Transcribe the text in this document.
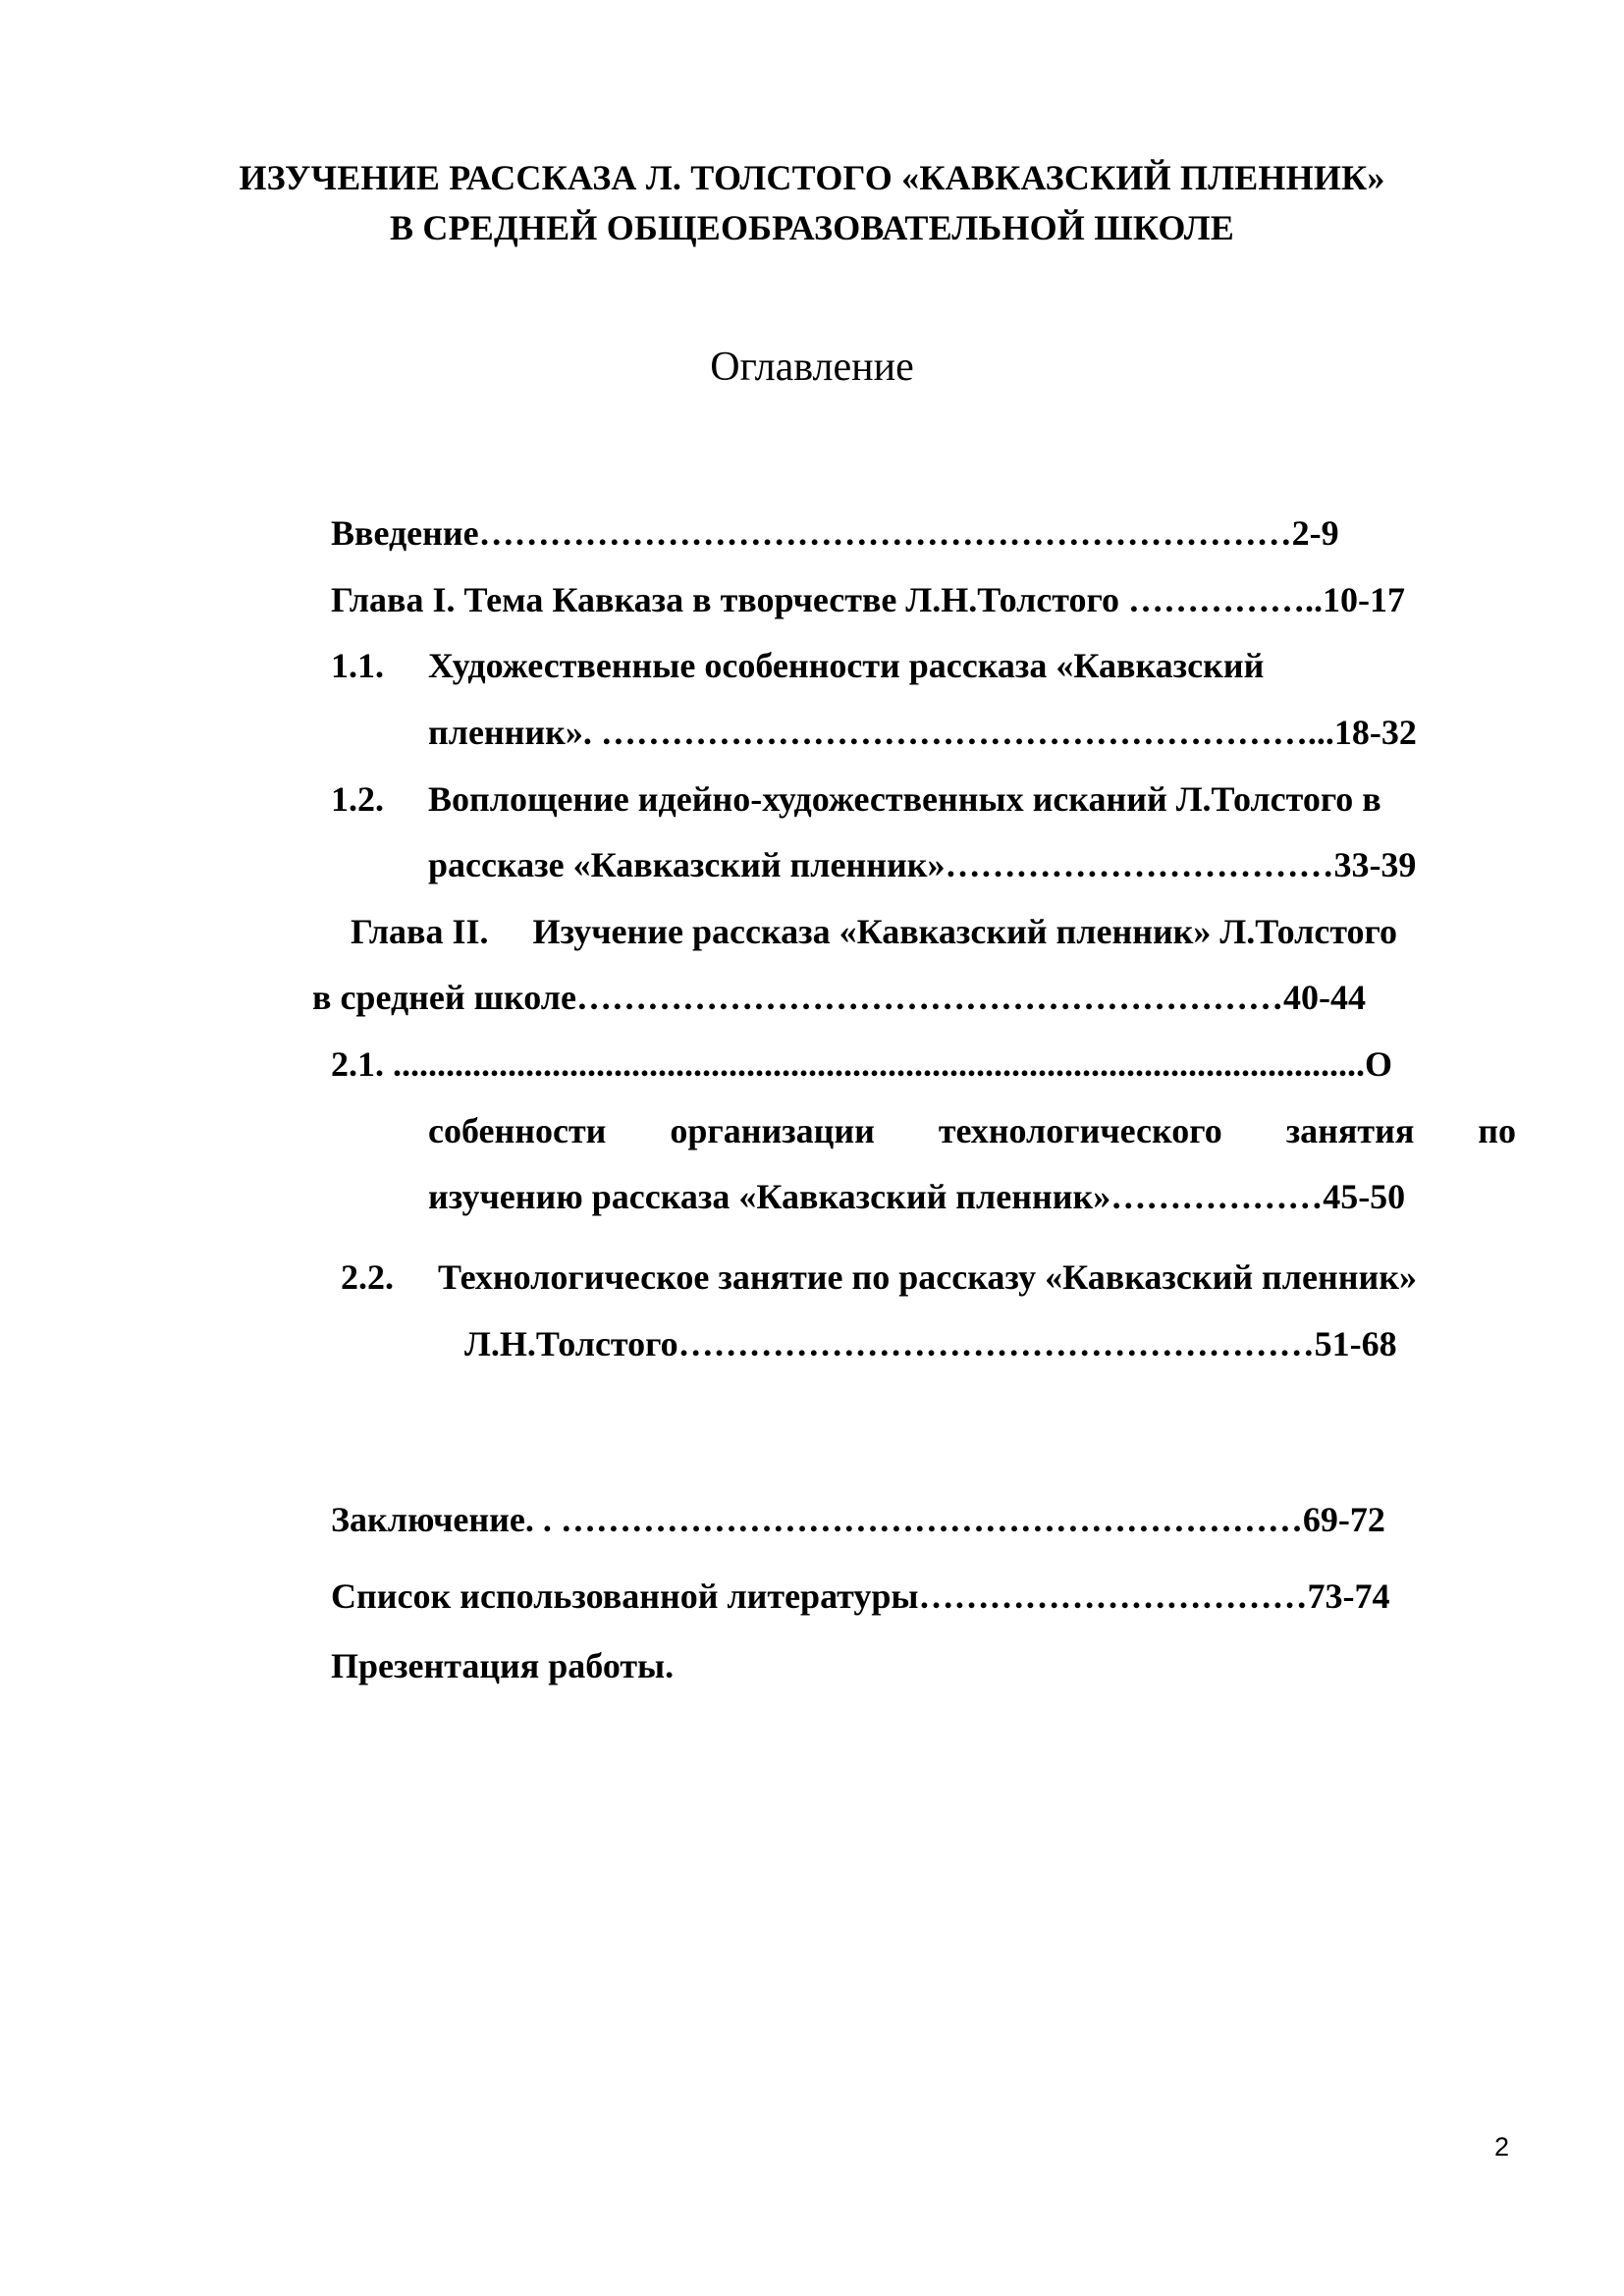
ИЗУЧЕНИЕ РАССКАЗА Л. ТОЛСТОГО «КАВКАЗСКИЙ ПЛЕННИК»
В СРЕДНЕЙ ОБЩЕОБРАЗОВАТЕЛЬНОЙ ШКОЛЕ
Оглавление
Введение……………………………………………………………2-9
Глава I. Тема Кавказа в творчестве Л.Н.Толстого ……………..10-17
1.1. Художественные особенности рассказа «Кавказский
пленник». ……………………………………………………...18-32
1.2. Воплощение идейно-художественных исканий Л.Толстого в
рассказе «Кавказский пленник»……………………………33-39
Глава II.     Изучение рассказа «Кавказский пленник» Л.Толстого
в средней школе……………………………………………………40-44
2.1. ..............................................................................................................О
собенности организации технологического занятия по
изучению рассказа «Кавказский пленник»………………45-50
2.2. Технологическое занятие по рассказу «Кавказский пленник»
Л.Н.Толстого………………………………………………51-68
Заключение. . ………………………………………………………69-72
Список использованной литературы……………………………73-74
Презентация работы.
2
